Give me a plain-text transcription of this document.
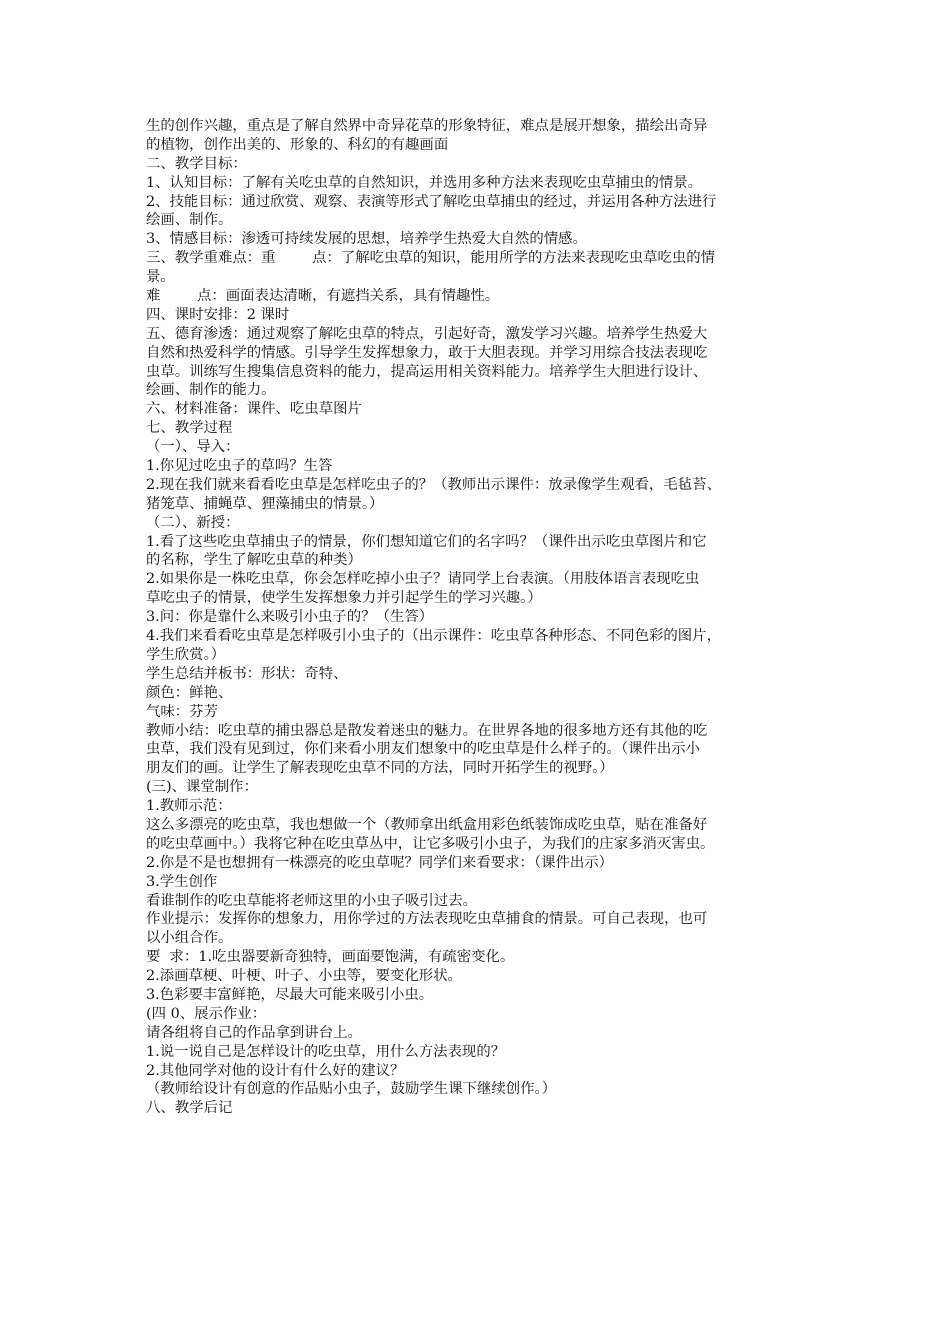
生的创作兴趣，重点是了解自然界中奇异花草的形象特征，难点是展开想象，描绘出奇异
的植物，创作出美的、形象的、科幻的有趣画面
二、教学目标：
1、认知目标：了解有关吃虫草的自然知识，并选用多种方法来表现吃虫草捕虫的情景。
2、技能目标：通过欣赏、观察、表演等形式了解吃虫草捕虫的经过，并运用各种方法进行
绘画、制作。
3、情感目标：渗透可持续发展的思想，培养学生热爱大自然的情感。
三、教学重难点：重        点：了解吃虫草的知识，能用所学的方法来表现吃虫草吃虫的情
景。
难        点：画面表达清晰，有遮挡关系，具有情趣性。
四、课时安排：2 课时
五、德育渗透：通过观察了解吃虫草的特点，引起好奇，激发学习兴趣。培养学生热爱大
自然和热爱科学的情感。引导学生发挥想象力，敢于大胆表现。并学习用综合技法表现吃
虫草。训练写生搜集信息资料的能力，提高运用相关资料能力。培养学生大胆进行设计、
绘画、制作的能力。
六、材料准备：课件、吃虫草图片
七、教学过程
（一）、导入：
1.你见过吃虫子的草吗？生答
2.现在我们就来看看吃虫草是怎样吃虫子的？（教师出示课件：放录像学生观看，毛毡苔、
猪笼草、捕蝇草、狸藻捕虫的情景。）
（二）、新授：
1.看了这些吃虫草捕虫子的情景，你们想知道它们的名字吗？（课件出示吃虫草图片和它
的名称，学生了解吃虫草的种类）
2.如果你是一株吃虫草，你会怎样吃掉小虫子？请同学上台表演。（用肢体语言表现吃虫
草吃虫子的情景，使学生发挥想象力并引起学生的学习兴趣。）
3.问：你是靠什么来吸引小虫子的？（生答）
4.我们来看看吃虫草是怎样吸引小虫子的（出示课件：吃虫草各种形态、不同色彩的图片，
学生欣赏。）
学生总结并板书：形状：奇特、
颜色：鲜艳、
气味：芬芳
教师小结：吃虫草的捕虫器总是散发着迷虫的魅力。在世界各地的很多地方还有其他的吃
虫草，我们没有见到过，你们来看小朋友们想象中的吃虫草是什么样子的。（课件出示小
朋友们的画。让学生了解表现吃虫草不同的方法，同时开拓学生的视野。）
(三)、课堂制作：
1.教师示范：
这么多漂亮的吃虫草，我也想做一个（教师拿出纸盒用彩色纸装饰成吃虫草，贴在准备好
的吃虫草画中。）我将它种在吃虫草丛中，让它多吸引小虫子，为我们的庄家多消灭害虫。
2.你是不是也想拥有一株漂亮的吃虫草呢？同学们来看要求：（课件出示）
3.学生创作
看谁制作的吃虫草能将老师这里的小虫子吸引过去。
作业提示：发挥你的想象力，用你学过的方法表现吃虫草捕食的情景。可自己表现，也可
以小组合作。
要  求：1.吃虫器要新奇独特，画面要饱满，有疏密变化。
2.添画草梗、叶梗、叶子、小虫等，要变化形状。
3.色彩要丰富鲜艳，尽最大可能来吸引小虫。
(四 0、展示作业：
请各组将自己的作品拿到讲台上。
1.说一说自己是怎样设计的吃虫草，用什么方法表现的？
2.其他同学对他的设计有什么好的建议？
（教师给设计有创意的作品贴小虫子，鼓励学生课下继续创作。）
八、教学后记
